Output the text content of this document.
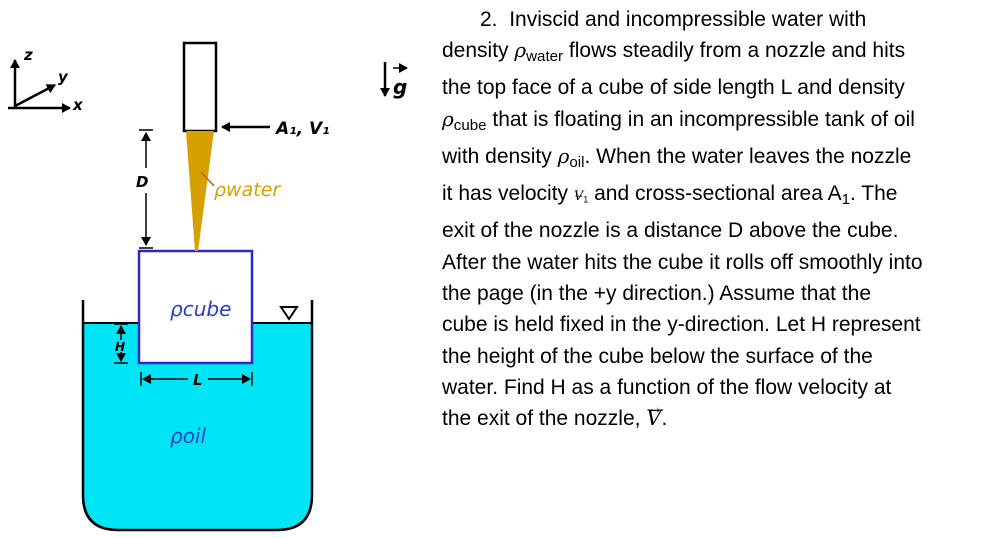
z
y
x
g
ρoil
ρcube
H
L
ρwater
A₁, V₁
D

2. Inviscid and incompressible water with

density $\rho_{water}$ flows steadily from a nozzle and hits

the top face of a cube of side length L and density

$\rho_{cube}$ that is floating in an incompressible tank of oil

with density $\rho_{oil}$. When the water leaves the nozzle

it has velocity → $V_1$ and cross-sectional area $A_1$. The

exit of the nozzle is a distance D above the cube.

After the water hits the cube it rolls off smoothly into

the page (in the +y direction.) Assume that the

cube is held fixed in the y-direction. Let H represent

the height of the cube below the surface of the

water. Find H as a function of the flow velocity at

the exit of the nozzle, → V.
